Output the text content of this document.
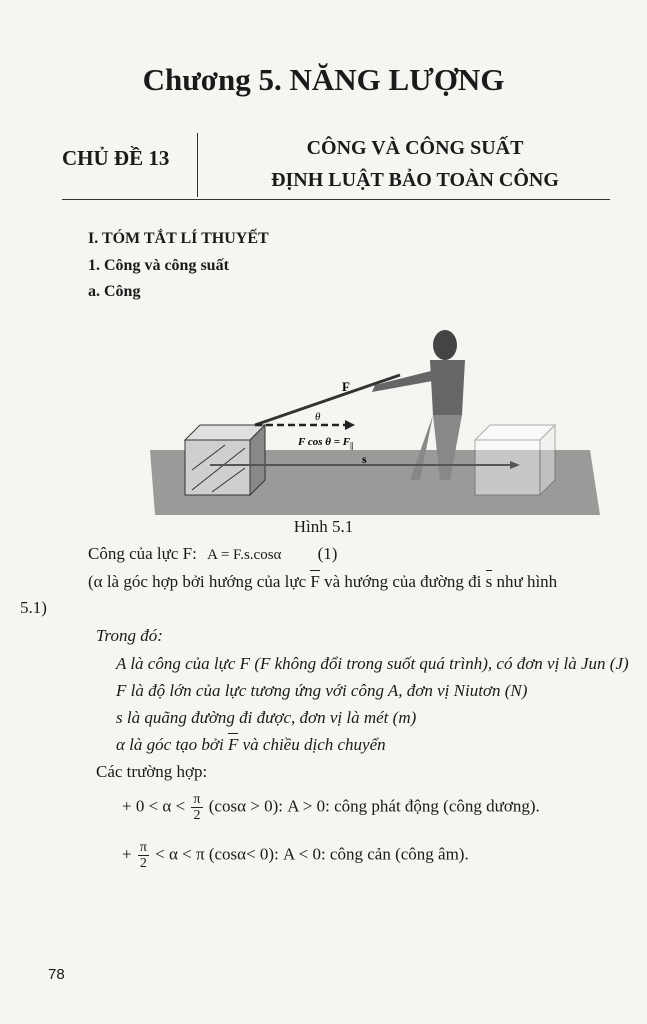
Chương 5. NĂNG LƯỢNG
CHỦ ĐỀ 13	CÔNG VÀ CÔNG SUẤT
ĐỊNH LUẬT BẢO TOÀN CÔNG
I. TÓM TẮT LÍ THUYẾT
1. Công và công suất
a. Công
F
θ
F $\cos \theta = F_{||}$
s
Hình 5.1
Công của lực F: A = F.s.cosα (1)
(α là góc hợp bởi hướng của lực F và hướng của đường đi s như hình
5.1)
Trong đó:
A là công của lực F (F không đổi trong suốt quá trình), có đơn vị là Jun (J)
F là độ lớn của lực tương ứng với công A, đơn vị Niutơn (N)
s là quãng đường đi được, đơn vị là mét (m)
α là góc tạo bởi F và chiều dịch chuyển
Các trường hợp:
+ $0 < \alpha < \frac{\pi}{2} (\cos\alpha > 0)$: A > 0: công phát động (công dương).
+ $\frac{\pi}{2} < \alpha < \pi$ (cosα< 0): A < 0: công cản (công âm).
78
